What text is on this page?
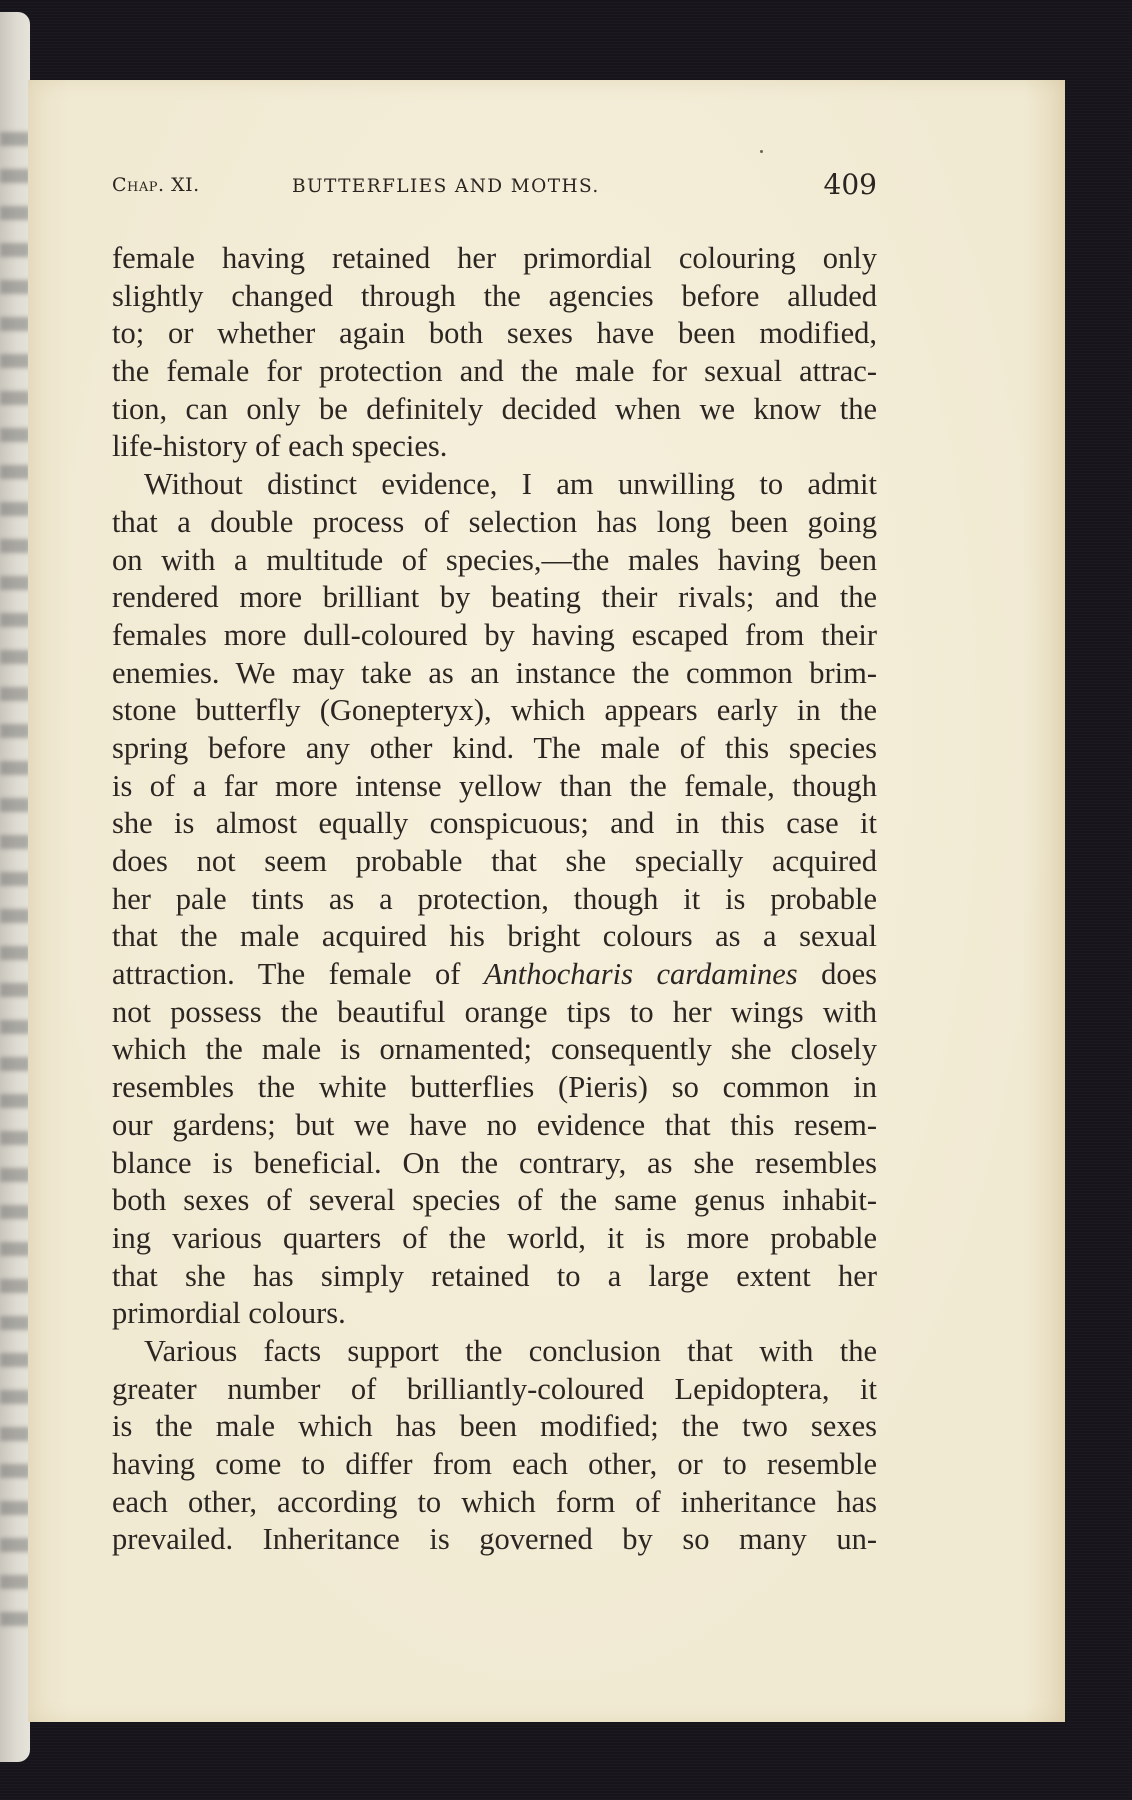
Chap. XI.	BUTTERFLIES AND MOTHS.	409
female having retained her primordial colouring only
slightly changed through the agencies before alluded
to; or whether again both sexes have been modified,
the female for protection and the male for sexual attrac-
tion, can only be definitely decided when we know the
life-history of each species.
Without distinct evidence, I am unwilling to admit
that a double process of selection has long been going
on with a multitude of species,—the males having been
rendered more brilliant by beating their rivals; and the
females more dull-coloured by having escaped from their
enemies. We may take as an instance the common brim-
stone butterfly (Gonepteryx), which appears early in the
spring before any other kind. The male of this species
is of a far more intense yellow than the female, though
she is almost equally conspicuous; and in this case it
does not seem probable that she specially acquired
her pale tints as a protection, though it is probable
that the male acquired his bright colours as a sexual
attraction. The female of Anthocharis cardamines does
not possess the beautiful orange tips to her wings with
which the male is ornamented; consequently she closely
resembles the white butterflies (Pieris) so common in
our gardens; but we have no evidence that this resem-
blance is beneficial. On the contrary, as she resembles
both sexes of several species of the same genus inhabit-
ing various quarters of the world, it is more probable
that she has simply retained to a large extent her
primordial colours.
Various facts support the conclusion that with the
greater number of brilliantly-coloured Lepidoptera, it
is the male which has been modified; the two sexes
having come to differ from each other, or to resemble
each other, according to which form of inheritance has
prevailed. Inheritance is governed by so many un-
